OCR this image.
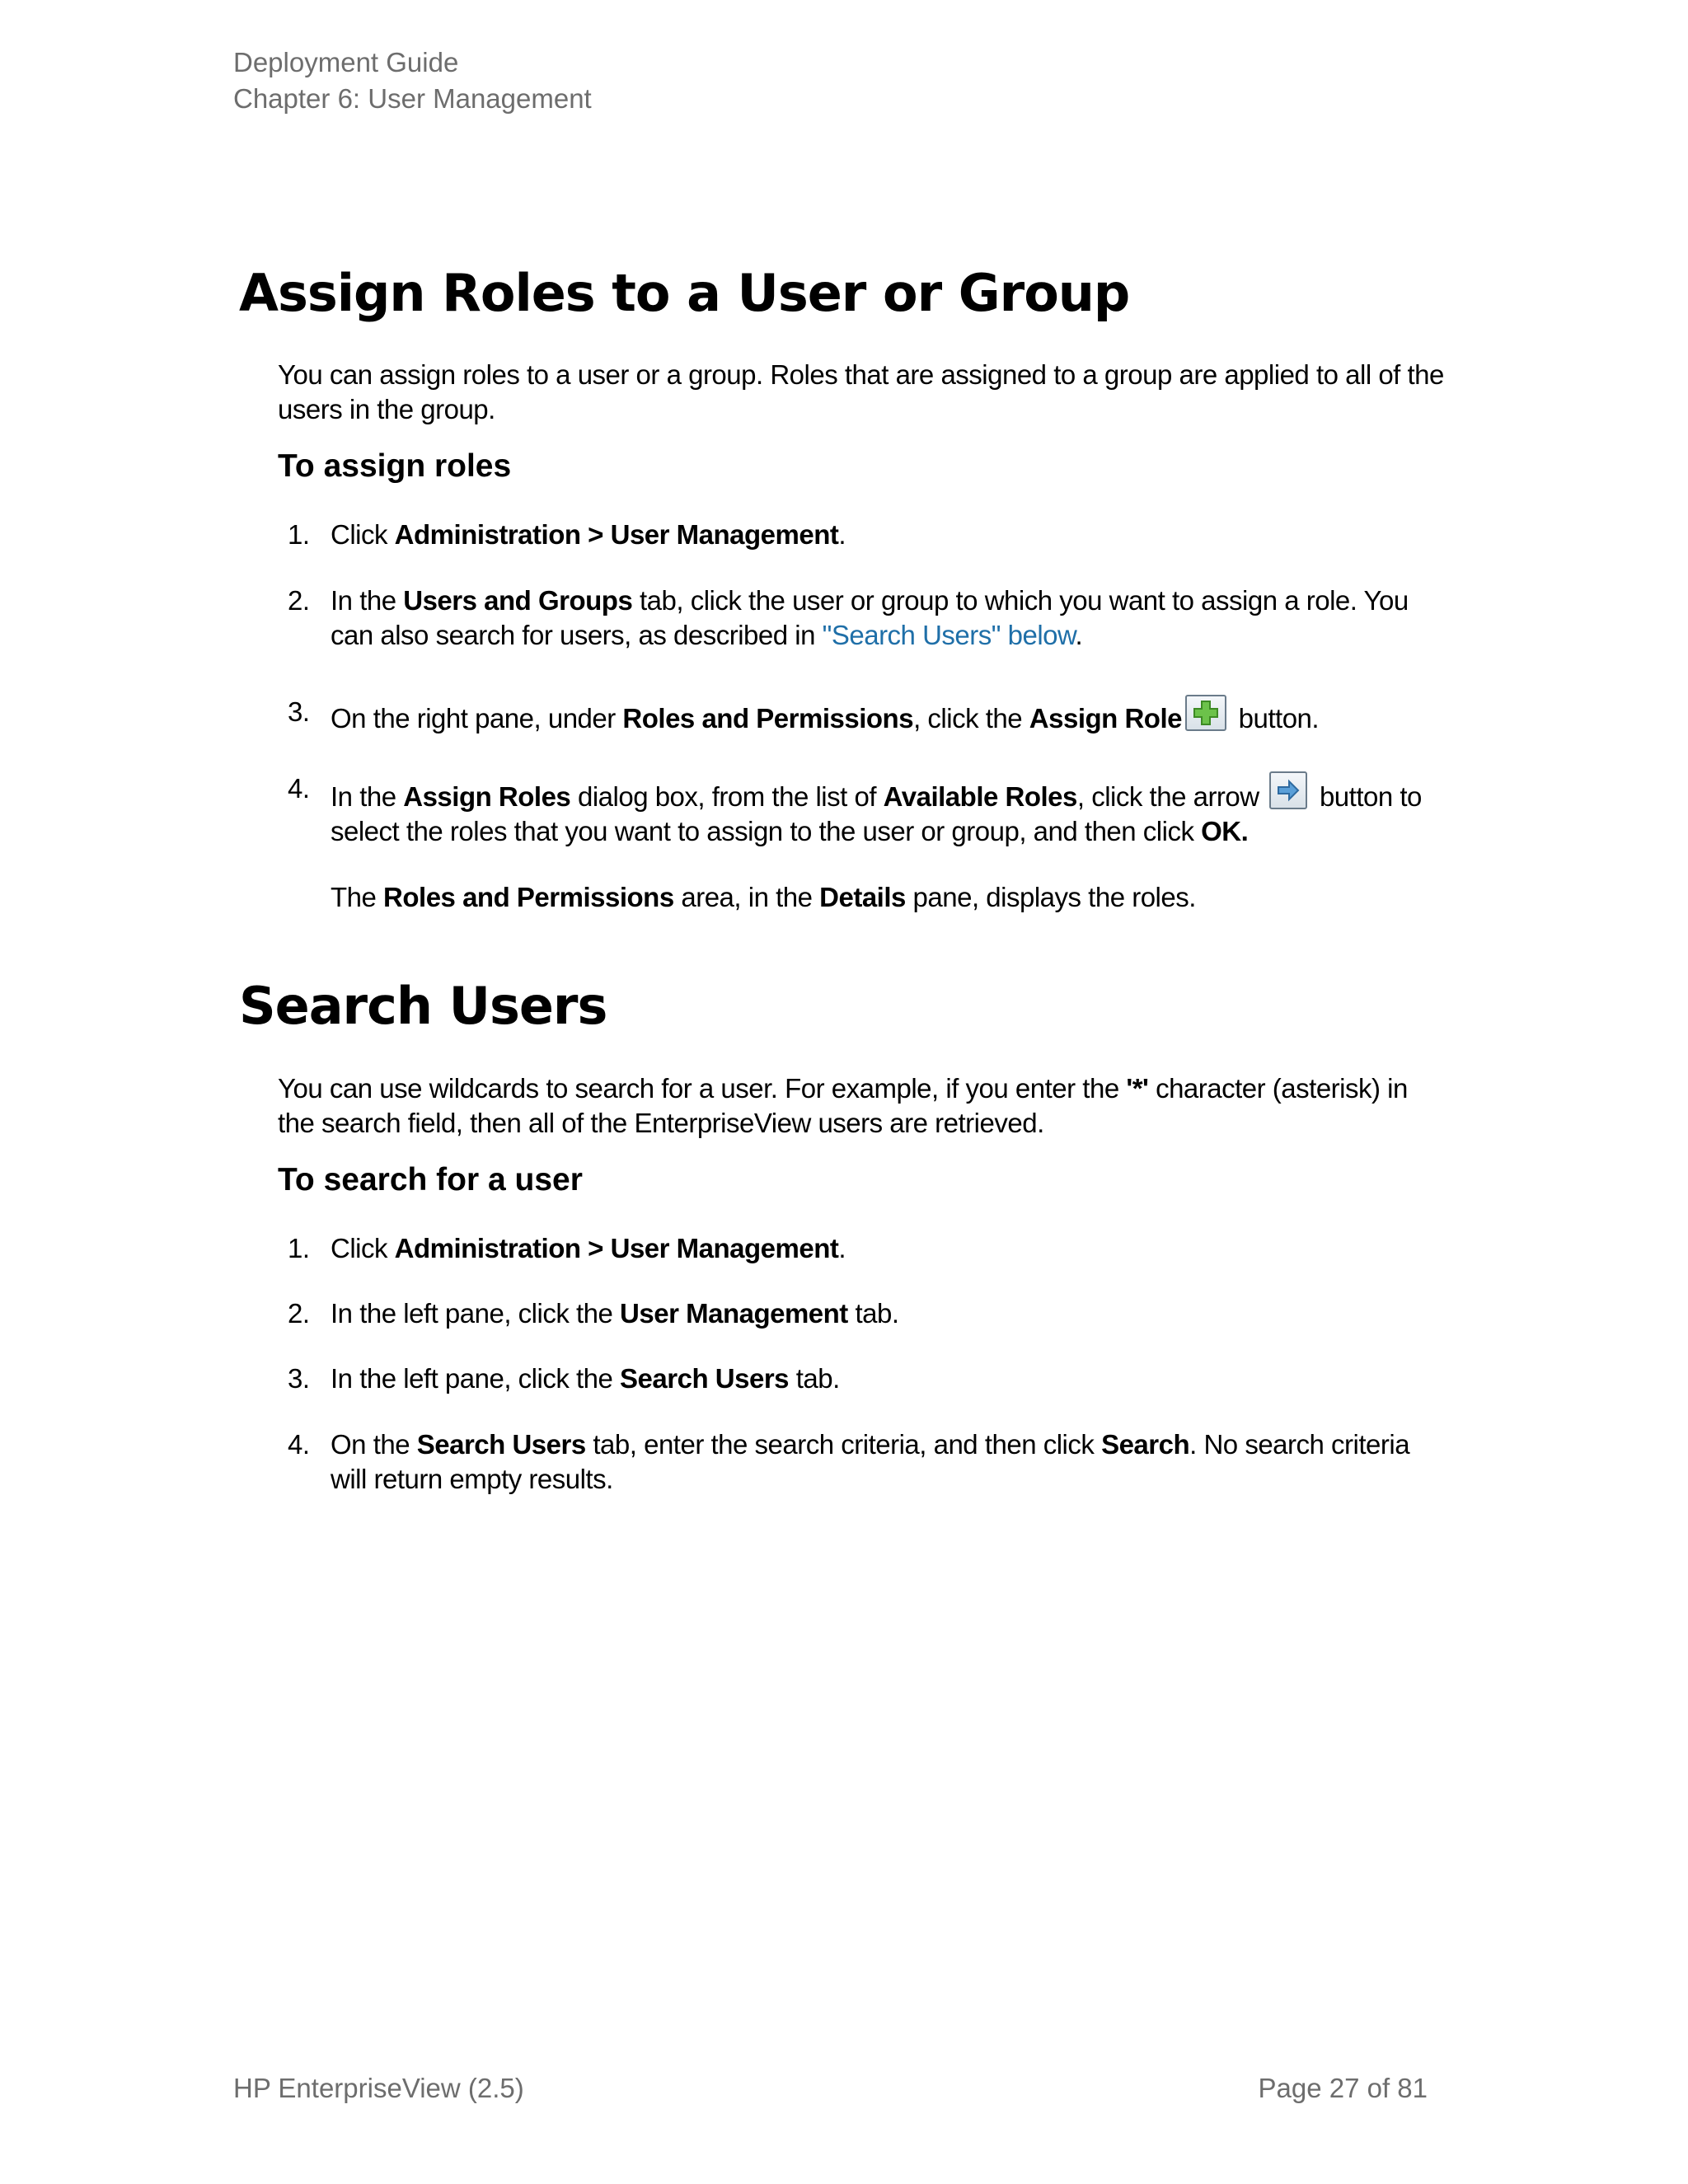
Deployment Guide
Chapter 6: User Management
Assign Roles to a User or Group
You can assign roles to a user or a group. Roles that are assigned to a group are applied to all of the
users in the group.
To assign roles
1. Click Administration > User Management.
2. In the Users and Groups tab, click the user or group to which you want to assign a role. You
can also search for users, as described in "Search Users" below.
3. On the right pane, under Roles and Permissions, click the Assign Role
button.
4. In the Assign Roles dialog box, from the list of Available Roles, click the arrow
button to
select the roles that you want to assign to the user or group, and then click OK.
The Roles and Permissions area, in the Details pane, displays the roles.
Search Users
You can use wildcards to search for a user. For example, if you enter the '*' character (asterisk) in
the search field, then all of the EnterpriseView users are retrieved.
To search for a user
1. Click Administration > User Management.
2. In the left pane, click the User Management tab.
3. In the left pane, click the Search Users tab.
4. On the Search Users tab, enter the search criteria, and then click Search. No search criteria
will return empty results.
HP EnterpriseView (2.5)	Page 27 of 81
